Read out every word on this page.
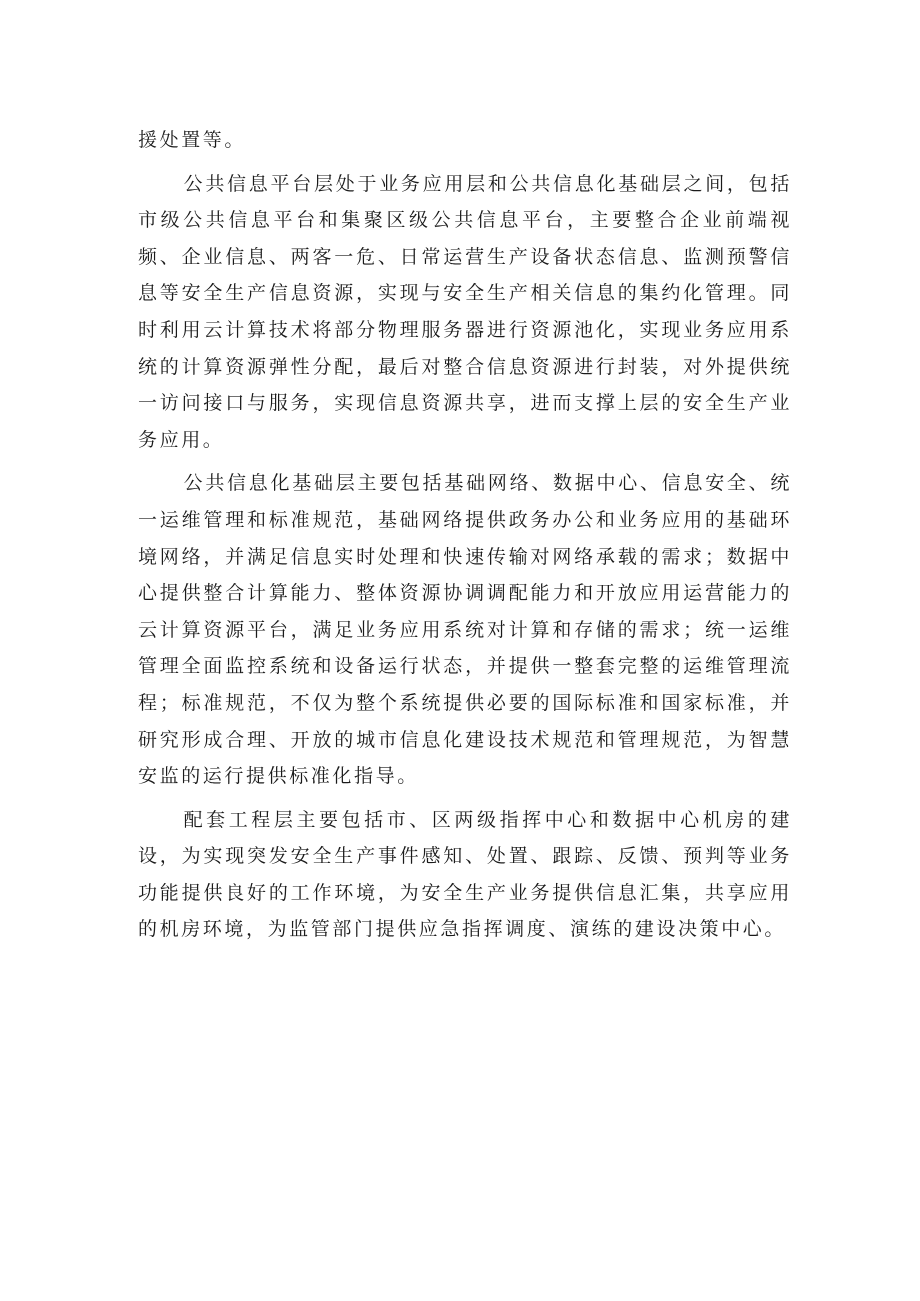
援处置等。

公共信息平台层处于业务应用层和公共信息化基础层之间，包括市级公共信息平台和集聚区级公共信息平台，主要整合企业前端视频、企业信息、两客一危、日常运营生产设备状态信息、监测预警信息等安全生产信息资源，实现与安全生产相关信息的集约化管理。同时利用云计算技术将部分物理服务器进行资源池化，实现业务应用系统的计算资源弹性分配，最后对整合信息资源进行封装，对外提供统一访问接口与服务，实现信息资源共享，进而支撑上层的安全生产业务应用。

公共信息化基础层主要包括基础网络、数据中心、信息安全、统一运维管理和标准规范，基础网络提供政务办公和业务应用的基础环境网络，并满足信息实时处理和快速传输对网络承载的需求；数据中心提供整合计算能力、整体资源协调调配能力和开放应用运营能力的云计算资源平台，满足业务应用系统对计算和存储的需求；统一运维管理全面监控系统和设备运行状态，并提供一整套完整的运维管理流程；标准规范，不仅为整个系统提供必要的国际标准和国家标准，并研究形成合理、开放的城市信息化建设技术规范和管理规范，为智慧安监的运行提供标准化指导。

配套工程层主要包括市、区两级指挥中心和数据中心机房的建设，为实现突发安全生产事件感知、处置、跟踪、反馈、预判等业务功能提供良好的工作环境，为安全生产业务提供信息汇集，共享应用的机房环境，为监管部门提供应急指挥调度、演练的建设决策中心。
